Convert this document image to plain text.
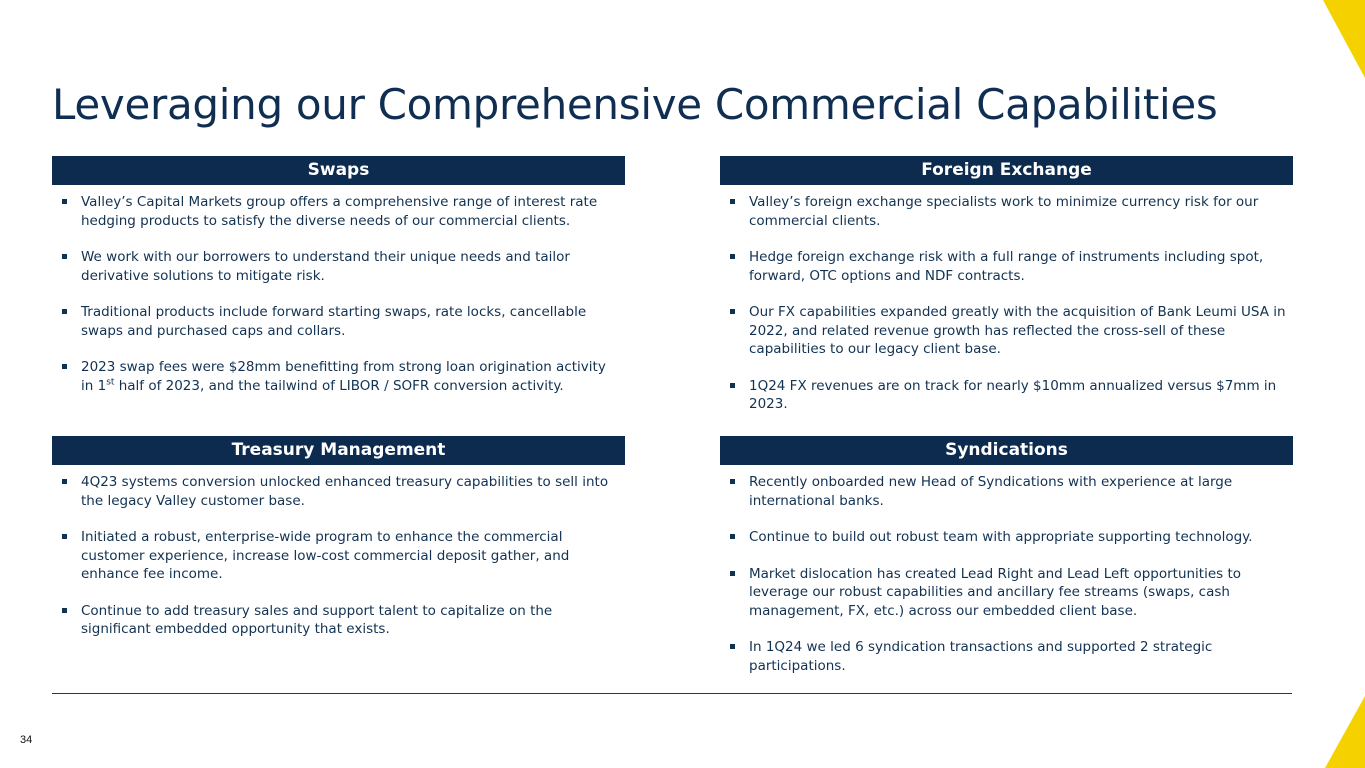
Leveraging our Comprehensive Commercial Capabilities
Swaps
Valley’s Capital Markets group offers a comprehensive range of interest rate hedging products to satisfy the diverse needs of our commercial clients.
We work with our borrowers to understand their unique needs and tailor derivative solutions to mitigate risk.
Traditional products include forward starting swaps, rate locks, cancellable swaps and purchased caps and collars.
2023 swap fees were $28mm benefitting from strong loan origination activity in 1st half of 2023, and the tailwind of LIBOR / SOFR conversion activity.
Foreign Exchange
Valley’s foreign exchange specialists work to minimize currency risk for our commercial clients.
Hedge foreign exchange risk with a full range of instruments including spot, forward, OTC options and NDF contracts.
Our FX capabilities expanded greatly with the acquisition of Bank Leumi USA in 2022, and related revenue growth has reflected the cross-sell of these capabilities to our legacy client base.
1Q24 FX revenues are on track for nearly $10mm annualized versus $7mm in 2023.
Treasury Management
4Q23 systems conversion unlocked enhanced treasury capabilities to sell into the legacy Valley customer base.
Initiated a robust, enterprise-wide program to enhance the commercial customer experience, increase low-cost commercial deposit gather, and enhance fee income.
Continue to add treasury sales and support talent to capitalize on the significant embedded opportunity that exists.
Syndications
Recently onboarded new Head of Syndications with experience at large international banks.
Continue to build out robust team with appropriate supporting technology.
Market dislocation has created Lead Right and Lead Left opportunities to leverage our robust capabilities and ancillary fee streams (swaps, cash management, FX, etc.) across our embedded client base.
In 1Q24 we led 6 syndication transactions and supported 2 strategic participations.
34
